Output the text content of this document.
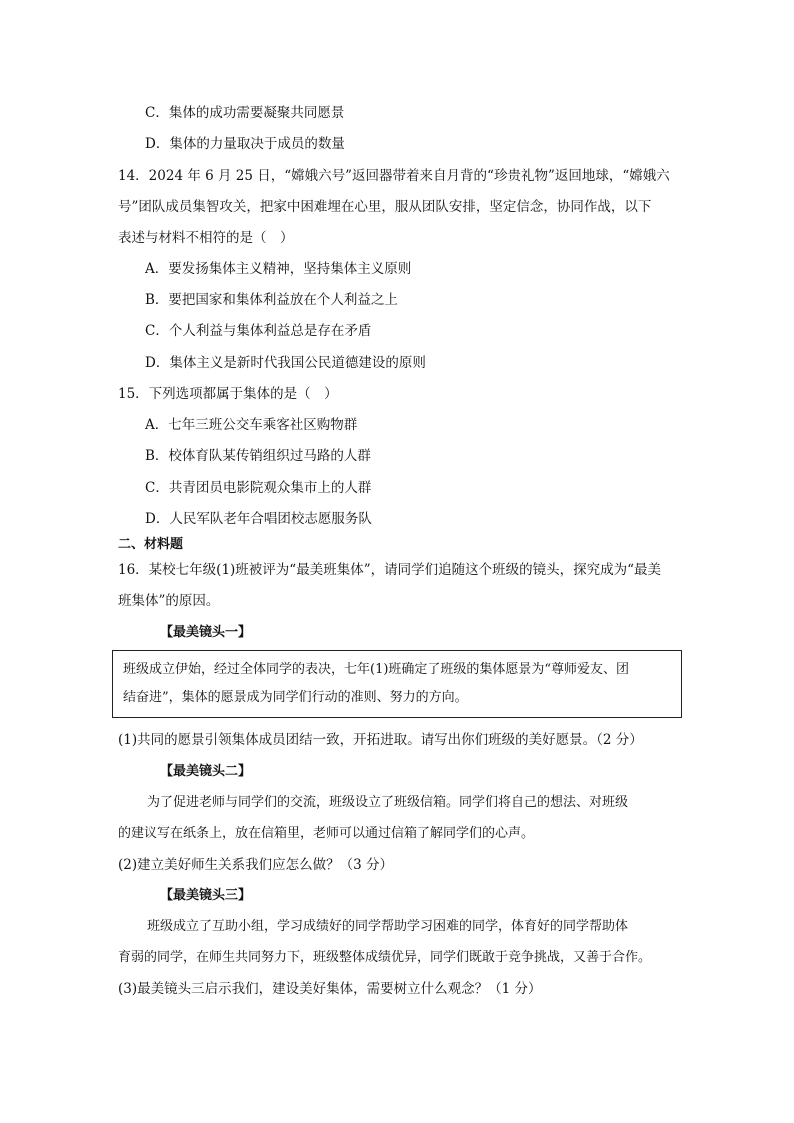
C．集体的成功需要凝聚共同愿景
D．集体的力量取决于成员的数量
14．2024 年 6 月 25 日，“嫦娥六号”返回器带着来自月背的“珍贵礼物”返回地球，“嫦娥六
号”团队成员集智攻关，把家中困难埋在心里，服从团队安排，坚定信念，协同作战，以下
表述与材料不相符的是（　）
A．要发扬集体主义精神，坚持集体主义原则
B．要把国家和集体利益放在个人利益之上
C．个人利益与集体利益总是存在矛盾
D．集体主义是新时代我国公民道德建设的原则
15．下列选项都属于集体的是（　）
A．七年三班公交车乘客社区购物群
B．校体育队某传销组织过马路的人群
C．共青团员电影院观众集市上的人群
D．人民军队老年合唱团校志愿服务队
二、材料题
16．某校七年级(1)班被评为“最美班集体”，请同学们追随这个班级的镜头，探究成为“最美
班集体”的原因。
【最美镜头一】
班级成立伊始，经过全体同学的表决，七年(1)班确定了班级的集体愿景为“尊师爱友、团
结奋进”，集体的愿景成为同学们行动的准则、努力的方向。
(1)共同的愿景引领集体成员团结一致，开拓进取。请写出你们班级的美好愿景。（2 分）
【最美镜头二】
为了促进老师与同学们的交流，班级设立了班级信箱。同学们将自己的想法、对班级
的建议写在纸条上，放在信箱里，老师可以通过信箱了解同学们的心声。
(2)建立美好师生关系我们应怎么做？（3 分）
【最美镜头三】
班级成立了互助小组，学习成绩好的同学帮助学习困难的同学，体育好的同学帮助体
育弱的同学，在师生共同努力下，班级整体成绩优异，同学们既敢于竞争挑战，又善于合作。
(3)最美镜头三启示我们，建设美好集体，需要树立什么观念？（1 分）
